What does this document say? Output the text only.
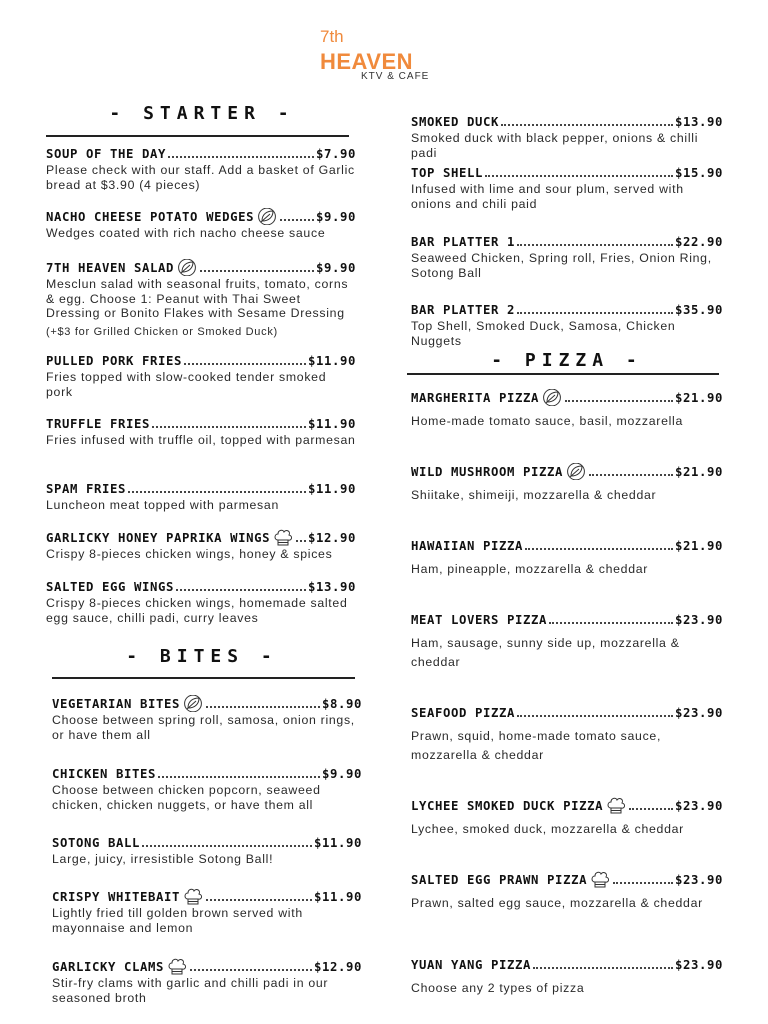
7th
HEAVEN
KTV & CAFE
- STARTER -
SOUP OF THE DAY	$7.90
Please check with our staff. Add a basket of Garlic bread at $3.90 (4 pieces)
NACHO CHEESE POTATO WEDGES	$9.90
Wedges coated with rich nacho cheese sauce
7TH HEAVEN SALAD	$9.90
Mesclun salad with seasonal fruits, tomato, corns & egg. Choose 1: Peanut with Thai Sweet Dressing or Bonito Flakes with Sesame Dressing
(+$3 for Grilled Chicken or Smoked Duck)
PULLED PORK FRIES	$11.90
Fries topped with slow-cooked tender smoked pork
TRUFFLE FRIES	$11.90
Fries infused with truffle oil, topped with parmesan
SPAM FRIES	$11.90
Luncheon meat topped with parmesan
GARLICKY HONEY PAPRIKA WINGS	$12.90
Crispy 8-pieces chicken wings, honey & spices
SALTED EGG WINGS	$13.90
Crispy 8-pieces chicken wings, homemade salted egg sauce, chilli padi, curry leaves
- BITES -
VEGETARIAN BITES	$8.90
Choose between spring roll, samosa, onion rings, or have them all
CHICKEN BITES	$9.90
Choose between chicken popcorn, seaweed chicken, chicken nuggets, or have them all
SOTONG BALL	$11.90
Large, juicy, irresistible Sotong Ball!
CRISPY WHITEBAIT	$11.90
Lightly fried till golden brown served with mayonnaise and lemon
GARLICKY CLAMS	$12.90
Stir-fry clams with garlic and chilli padi in our seasoned broth
SMOKED DUCK	$13.90
Smoked duck with black pepper, onions & chilli padi
TOP SHELL	$15.90
Infused with lime and sour plum, served with onions and chili paid
BAR PLATTER 1	$22.90
Seaweed Chicken, Spring roll, Fries, Onion Ring, Sotong Ball
BAR PLATTER 2	$35.90
Top Shell, Smoked Duck, Samosa, Chicken Nuggets
- PIZZA -
MARGHERITA PIZZA	$21.90
Home-made tomato sauce, basil, mozzarella
WILD MUSHROOM PIZZA	$21.90
Shiitake, shimeiji, mozzarella & cheddar
HAWAIIAN PIZZA	$21.90
Ham, pineapple, mozzarella & cheddar
MEAT LOVERS PIZZA	$23.90
Ham, sausage, sunny side up, mozzarella & cheddar
SEAFOOD PIZZA	$23.90
Prawn, squid, home-made tomato sauce, mozzarella & cheddar
LYCHEE SMOKED DUCK PIZZA	$23.90
Lychee, smoked duck, mozzarella & cheddar
SALTED EGG PRAWN PIZZA	$23.90
Prawn, salted egg sauce, mozzarella & cheddar
YUAN YANG PIZZA	$23.90
Choose any 2 types of pizza
